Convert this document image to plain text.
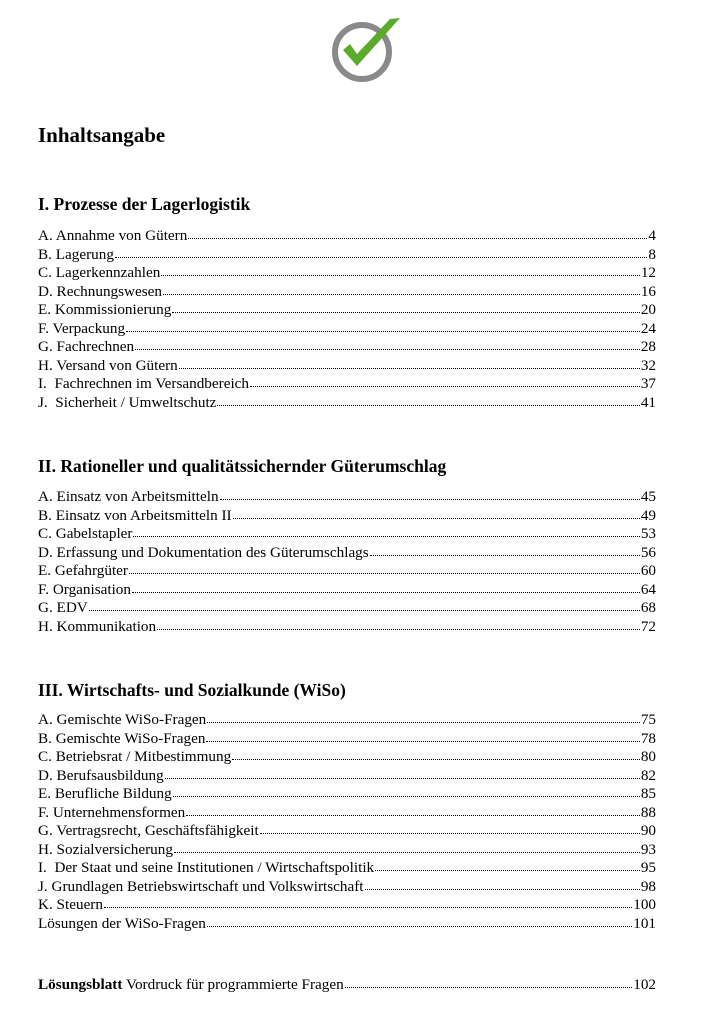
Inhaltsangabe
I. Prozesse der Lagerlogistik
A. Annahme von Gütern	4
B. Lagerung	8
C. Lagerkennzahlen	12
D. Rechnungswesen	16
E. Kommissionierung	20
F. Verpackung	24
G. Fachrechnen	28
H. Versand von Gütern	32
I.  Fachrechnen im Versandbereich	37
J.  Sicherheit / Umweltschutz	41
II. Rationeller und qualitätssichernder Güterumschlag
A. Einsatz von Arbeitsmitteln	45
B. Einsatz von Arbeitsmitteln II	49
C. Gabelstapler	53
D. Erfassung und Dokumentation des Güterumschlags	56
E. Gefahrgüter	60
F. Organisation	64
G. EDV	68
H. Kommunikation	72
III. Wirtschafts- und Sozialkunde (WiSo)
A. Gemischte WiSo-Fragen	75
B. Gemischte WiSo-Fragen	78
C. Betriebsrat / Mitbestimmung	80
D. Berufsausbildung	82
E. Berufliche Bildung	85
F. Unternehmensformen	88
G. Vertragsrecht, Geschäftsfähigkeit	90
H. Sozialversicherung	93
I.  Der Staat und seine Institutionen / Wirtschaftspolitik	95
J. Grundlagen Betriebswirtschaft und Volkswirtschaft	98
K. Steuern	100
Lösungen der WiSo-Fragen	101
Lösungsblatt Vordruck für programmierte Fragen	102
